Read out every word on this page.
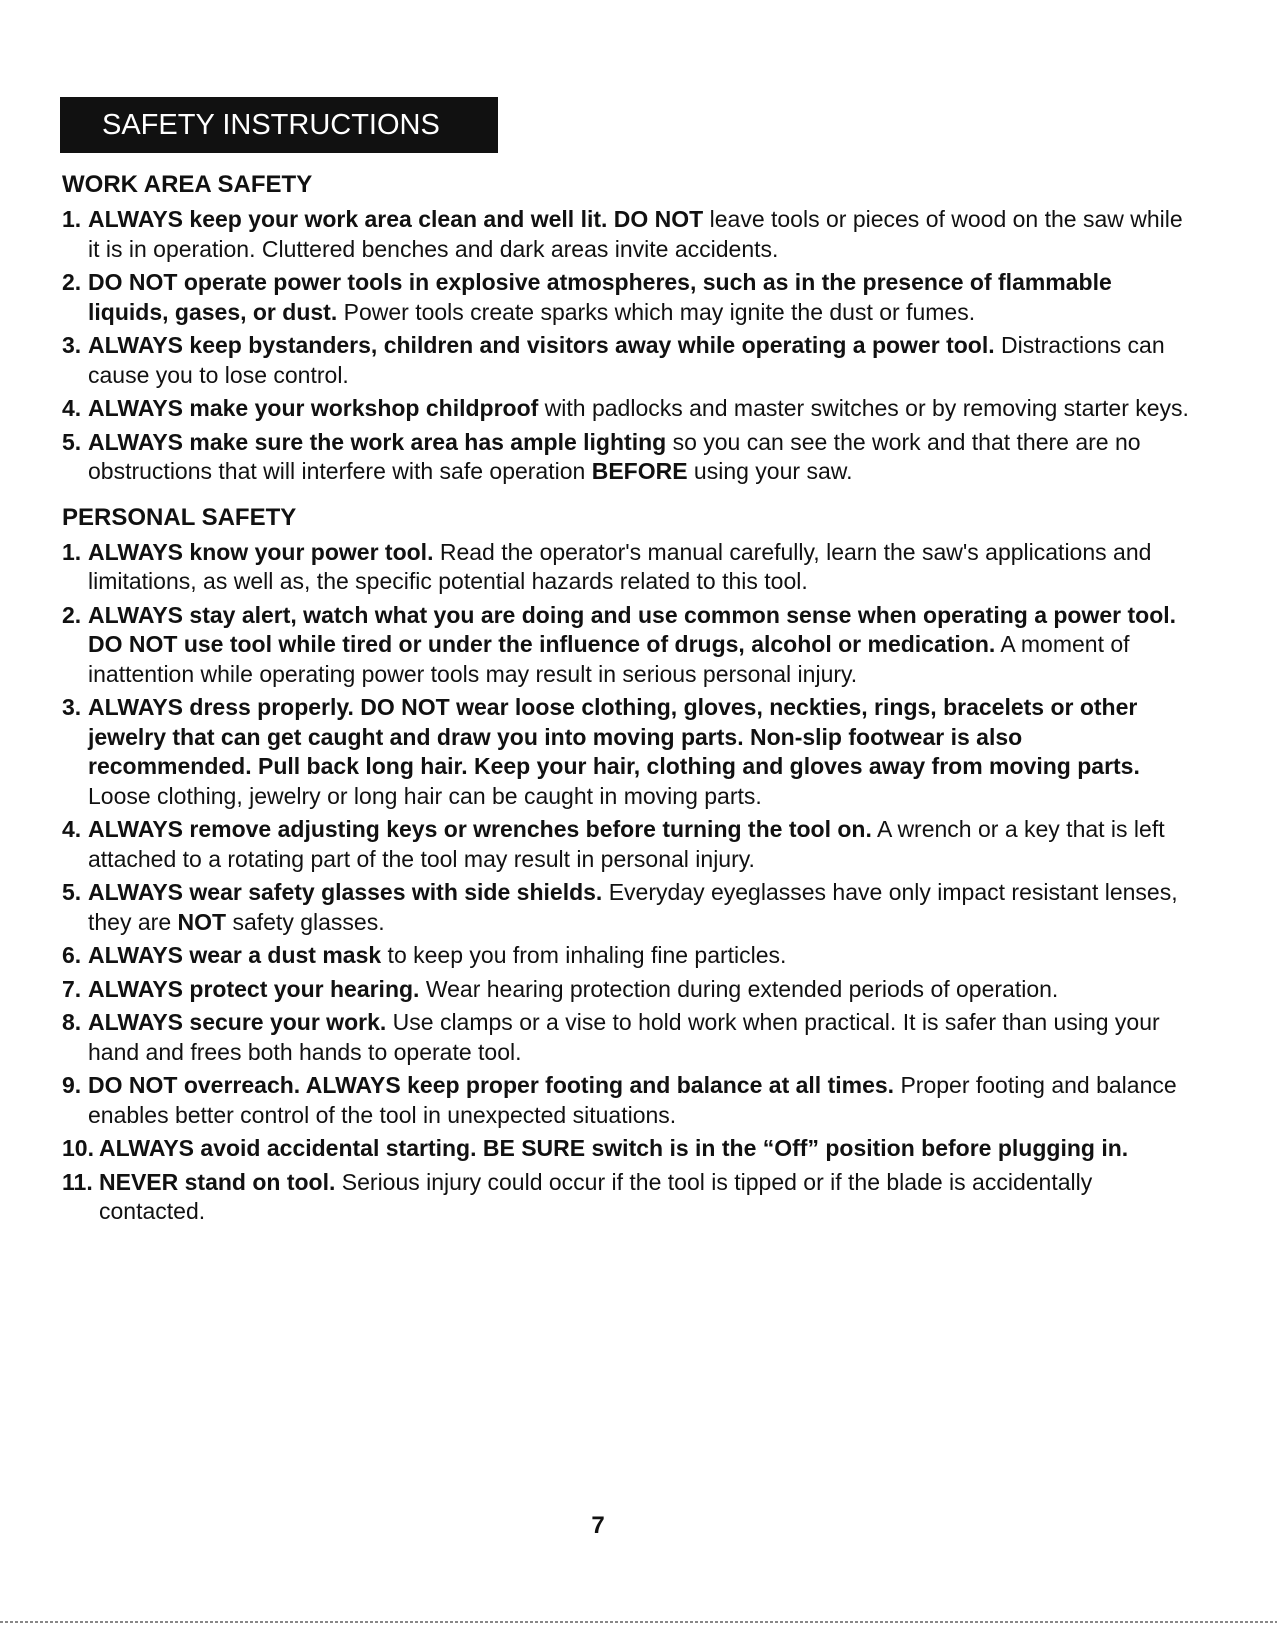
SAFETY INSTRUCTIONS
WORK AREA SAFETY
1. ALWAYS keep your work area clean and well lit. DO NOT leave tools or pieces of wood on the saw while it is in operation. Cluttered benches and dark areas invite accidents.
2. DO NOT operate power tools in explosive atmospheres, such as in the presence of flammable liquids, gases, or dust. Power tools create sparks which may ignite the dust or fumes.
3. ALWAYS keep bystanders, children and visitors away while operating a power tool. Distractions can cause you to lose control.
4. ALWAYS make your workshop childproof with padlocks and master switches or by removing starter keys.
5. ALWAYS make sure the work area has ample lighting so you can see the work and that there are no obstructions that will interfere with safe operation BEFORE using your saw.
PERSONAL SAFETY
1. ALWAYS know your power tool. Read the operator's manual carefully, learn the saw's applications and limitations, as well as, the specific potential hazards related to this tool.
2. ALWAYS stay alert, watch what you are doing and use common sense when operating a power tool. DO NOT use tool while tired or under the influence of drugs, alcohol or medication. A moment of inattention while operating power tools may result in serious personal injury.
3. ALWAYS dress properly. DO NOT wear loose clothing, gloves, neckties, rings, bracelets or other jewelry that can get caught and draw you into moving parts. Non-slip footwear is also recommended. Pull back long hair. Keep your hair, clothing and gloves away from moving parts. Loose clothing, jewelry or long hair can be caught in moving parts.
4. ALWAYS remove adjusting keys or wrenches before turning the tool on. A wrench or a key that is left attached to a rotating part of the tool may result in personal injury.
5. ALWAYS wear safety glasses with side shields. Everyday eyeglasses have only impact resistant lenses, they are NOT safety glasses.
6. ALWAYS wear a dust mask to keep you from inhaling fine particles.
7. ALWAYS protect your hearing. Wear hearing protection during extended periods of operation.
8. ALWAYS secure your work. Use clamps or a vise to hold work when practical. It is safer than using your hand and frees both hands to operate tool.
9. DO NOT overreach. ALWAYS keep proper footing and balance at all times. Proper footing and balance enables better control of the tool in unexpected situations.
10. ALWAYS avoid accidental starting. BE SURE switch is in the “Off” position before plugging in.
11. NEVER stand on tool. Serious injury could occur if the tool is tipped or if the blade is accidentally contacted.
7
